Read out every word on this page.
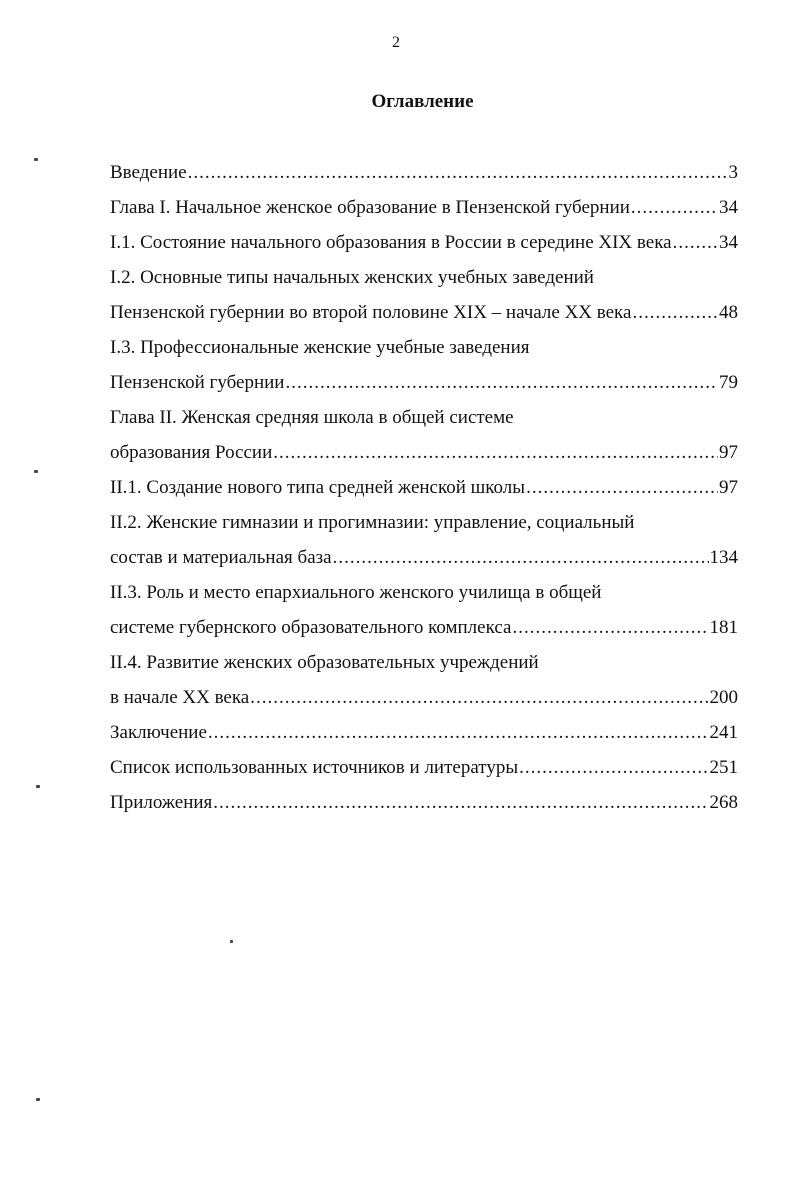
2
Оглавление
Введение .....	3
Глава I. Начальное женское образование в Пензенской губернии .....	34
I.1. Состояние начального образования в России в середине XIX века ..... 34
I.2. Основные типы начальных женских учебных заведений
Пензенской губернии во второй половине XIX – начале XX века .....	48
I.3. Профессиональные женские учебные заведения
Пензенской губернии .....	79
Глава II. Женская средняя школа в общей системе
образования России .....	97
II.1. Создание нового типа средней женской школы .....	97
II.2. Женские гимназии и прогимназии: управление, социальный
состав и материальная база .....	134
II.3. Роль и место епархиального женского училища в общей
системе губернского образовательного комплекса .....	181
II.4. Развитие женских образовательных учреждений
в начале XX века .....	200
Заключение .....	241
Список использованных источников и литературы .....	251
Приложения .....	268
